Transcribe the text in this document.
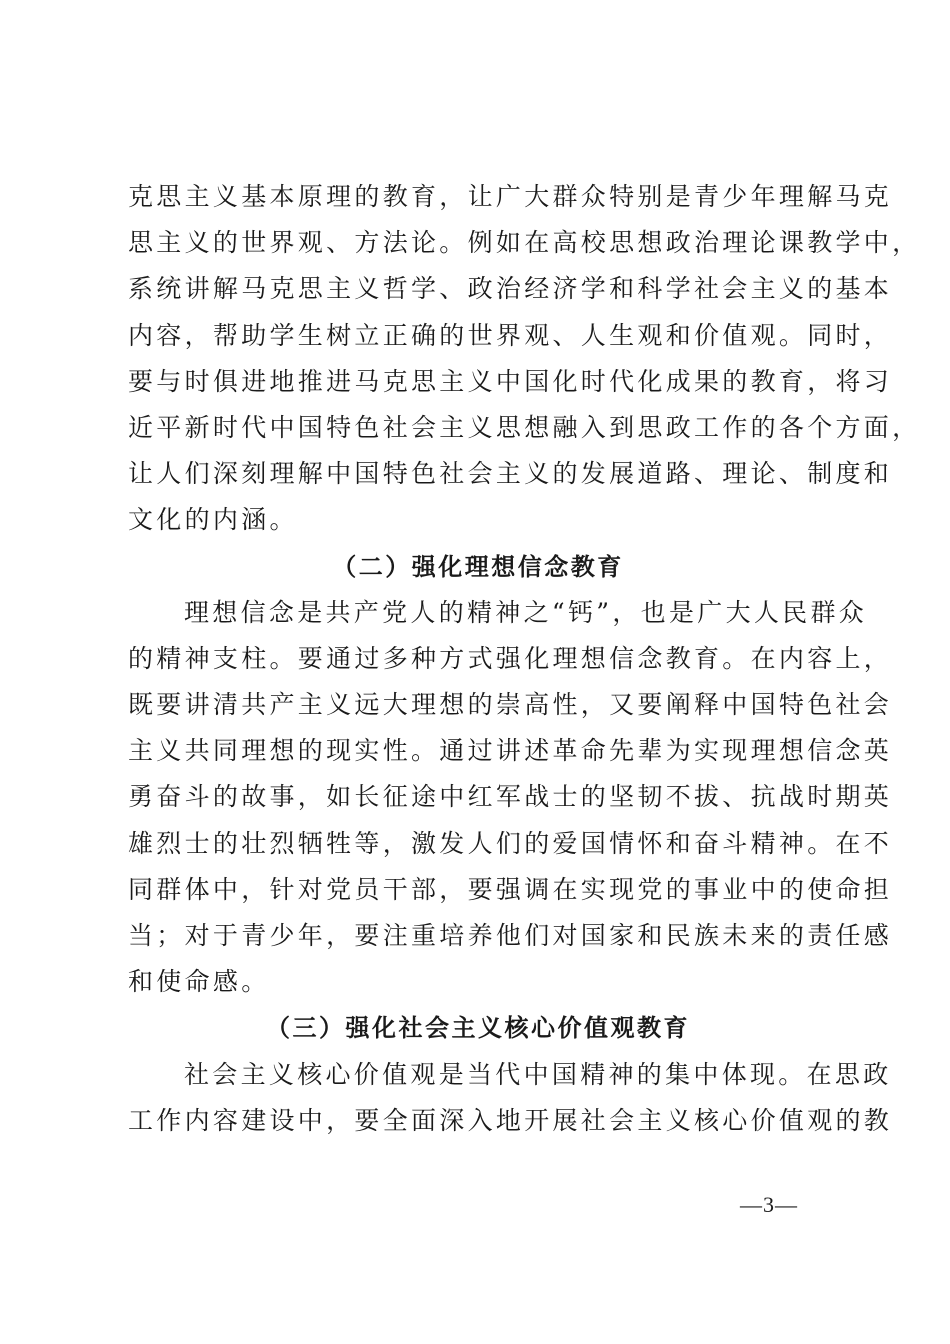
克思主义基本原理的教育，让广大群众特别是青少年理解马克
思主义的世界观、方法论。例如在高校思想政治理论课教学中，
系统讲解马克思主义哲学、政治经济学和科学社会主义的基本
内容，帮助学生树立正确的世界观、人生观和价值观。同时，
要与时俱进地推进马克思主义中国化时代化成果的教育，将习
近平新时代中国特色社会主义思想融入到思政工作的各个方面，
让人们深刻理解中国特色社会主义的发展道路、理论、制度和
文化的内涵。
（二）强化理想信念教育
理想信念是共产党人的精神之“钙”，也是广大人民群众
的精神支柱。要通过多种方式强化理想信念教育。在内容上，
既要讲清共产主义远大理想的崇高性，又要阐释中国特色社会
主义共同理想的现实性。通过讲述革命先辈为实现理想信念英
勇奋斗的故事，如长征途中红军战士的坚韧不拔、抗战时期英
雄烈士的壮烈牺牲等，激发人们的爱国情怀和奋斗精神。在不
同群体中，针对党员干部，要强调在实现党的事业中的使命担
当；对于青少年，要注重培养他们对国家和民族未来的责任感
和使命感。
（三）强化社会主义核心价值观教育
社会主义核心价值观是当代中国精神的集中体现。在思政
工作内容建设中，要全面深入地开展社会主义核心价值观的教
—3—
